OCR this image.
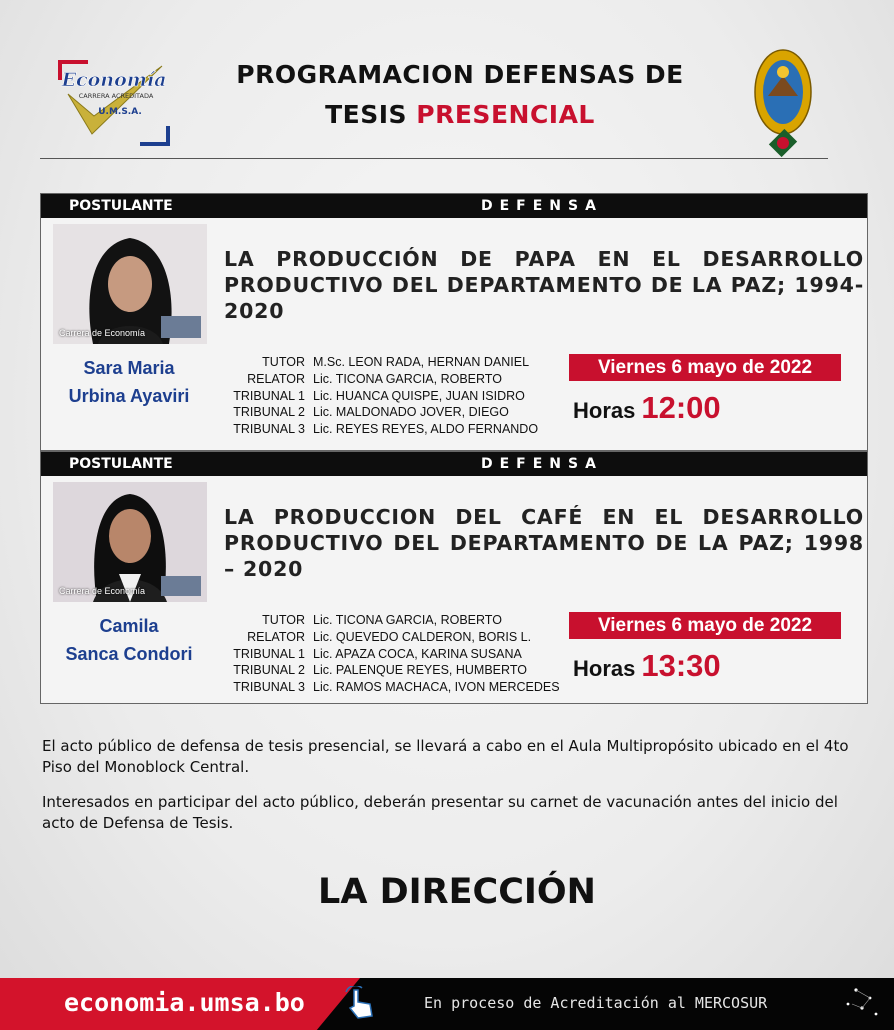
Economía
CARRERA ACREDITADA
U.M.S.A.
PROGRAMACION DEFENSAS DE
TESIS PRESENCIAL
POSTULANTE	DEFENSA
Carrera de Economía
LA PRODUCCIÓN DE PAPA EN EL DESARROLLO PRODUCTIVO DEL DEPARTAMENTO DE LA PAZ; 1994-2020
Sara Maria
Urbina Ayaviri
TUTOR M.Sc. LEON RADA, HERNAN DANIEL
RELATOR Lic. TICONA GARCIA, ROBERTO
TRIBUNAL 1 Lic. HUANCA QUISPE, JUAN ISIDRO
TRIBUNAL 2 Lic. MALDONADO JOVER, DIEGO
TRIBUNAL 3 Lic. REYES REYES, ALDO FERNANDO
Viernes 6 mayo de 2022
Horas 12:00
POSTULANTE	DEFENSA
Carrera de Economía
LA PRODUCCION DEL CAFÉ EN EL DESARROLLO PRODUCTIVO DEL DEPARTAMENTO DE LA PAZ; 1998 – 2020
Camila
Sanca Condori
TUTOR Lic. TICONA GARCIA, ROBERTO
RELATOR Lic. QUEVEDO CALDERON, BORIS L.
TRIBUNAL 1 Lic. APAZA COCA, KARINA SUSANA
TRIBUNAL 2 Lic. PALENQUE REYES, HUMBERTO
TRIBUNAL 3 Lic. RAMOS MACHACA, IVON MERCEDES
Viernes 6 mayo de 2022
Horas 13:30
El acto público de defensa de tesis presencial, se llevará a cabo en el Aula Multipropósito ubicado en el 4to Piso del Monoblock Central.
Interesados en participar del acto público, deberán presentar su carnet de vacunación antes del inicio del acto de Defensa de Tesis.
LA DIRECCIÓN
economia.umsa.bo	En proceso de Acreditación al MERCOSUR
